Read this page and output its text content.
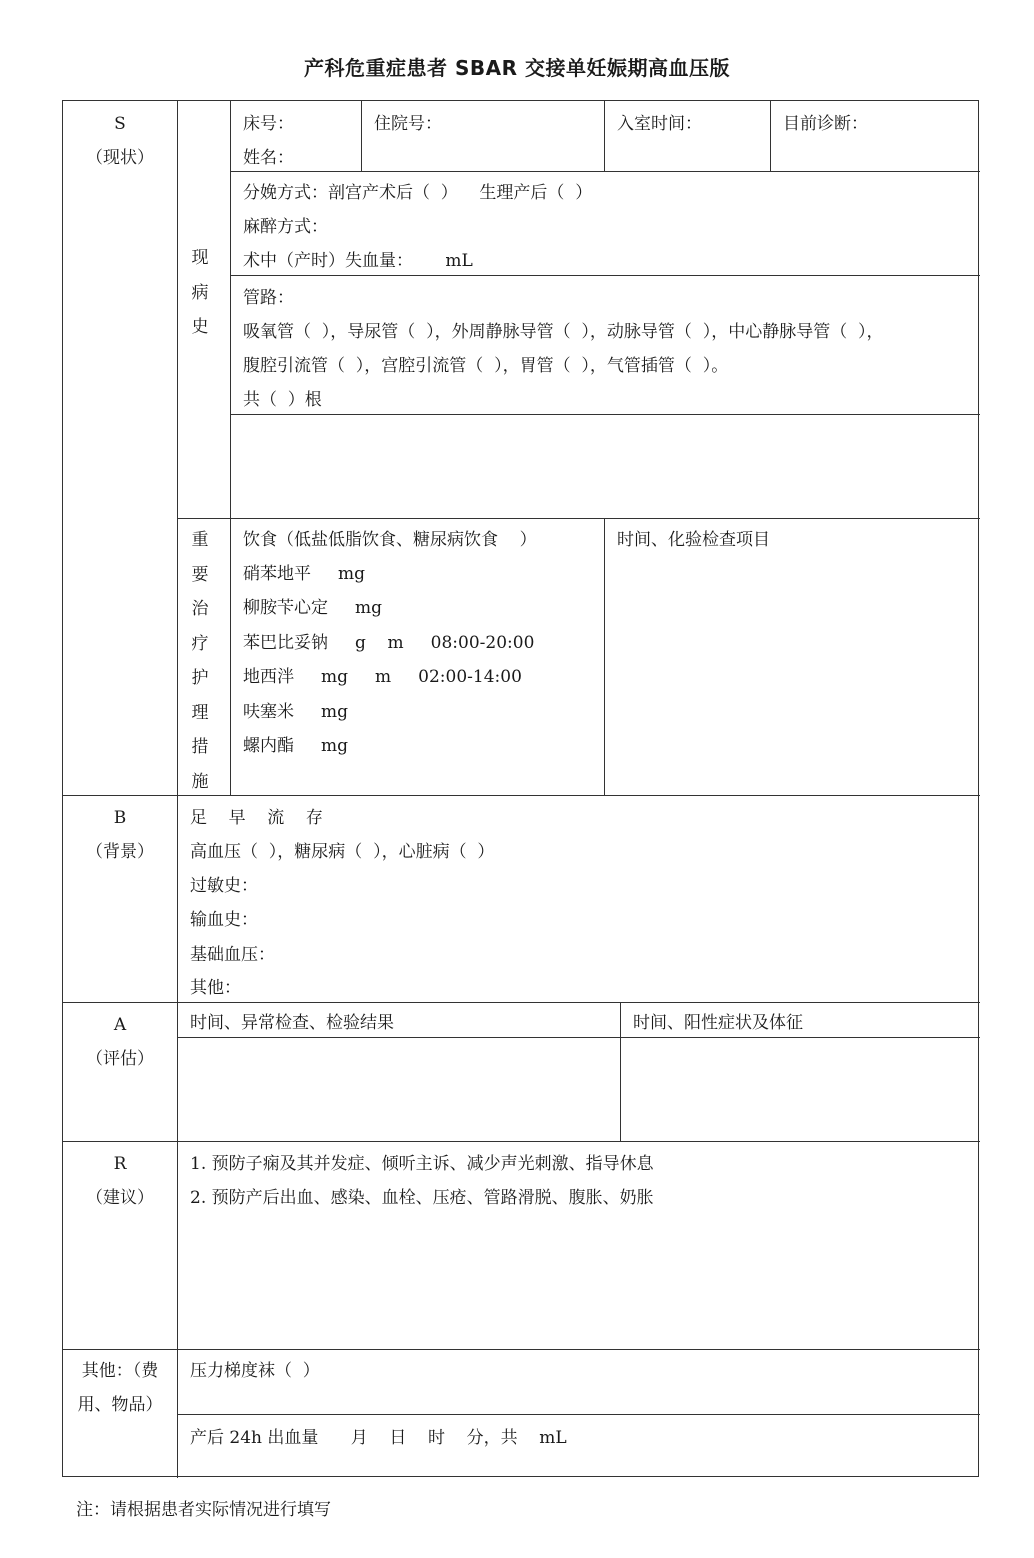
产科危重症患者 SBAR 交接单妊娠期高血压版
S
（现状）
床号：
姓名：
住院号：	入室时间：	目前诊断：
现
病
史
分娩方式：剖宫产术后（  ）    生理产后（  ）
麻醉方式：
术中（产时）失血量：      mL
管路：
吸氧管（  ），导尿管（  ），外周静脉导管（  ），动脉导管（  ），中心静脉导管（  ），
腹腔引流管（  ），宫腔引流管（  ），胃管（  ），气管插管（  ）。
共（  ）根
重
要
治
疗
护
理
措
施
饮食（低盐低脂饮食、糖尿病饮食    ）
硝苯地平     mg
柳胺苄心定     mg
苯巴比妥钠     g    m     08:00-20:00
地西泮     mg     m     02:00-14:00
呋塞米     mg
螺内酯     mg
时间、化验检查项目
B
（背景）
足    早    流    存
高血压（  ），糖尿病（  ），心脏病（  ）
过敏史：
输血史：
基础血压：
其他：
A
（评估）
时间、异常检查、检验结果	时间、阳性症状及体征
R
（建议）
1. 预防子痫及其并发症、倾听主诉、减少声光刺激、指导休息
2. 预防产后出血、感染、血栓、压疮、管路滑脱、腹胀、奶胀
其他：（费
用、物品）
压力梯度袜（  ）
产后 24h 出血量      月    日    时    分，共    mL
注：请根据患者实际情况进行填写
